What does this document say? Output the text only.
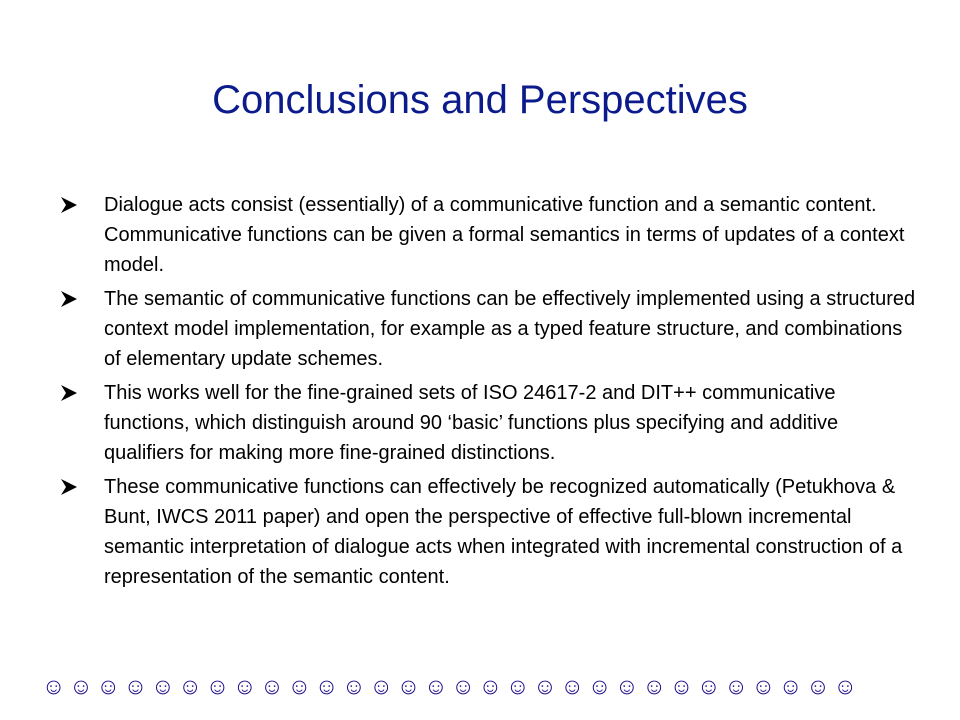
Conclusions and Perspectives
Dialogue acts consist (essentially) of a communicative function and a semantic content. Communicative functions can be given a formal semantics in terms of updates of a context model.
The semantic of communicative functions can be effectively implemented using a structured context model implementation, for example as a typed feature structure, and combinations of elementary update schemes.
This works well for the fine-grained sets of ISO 24617-2 and DIT++ communicative functions, which distinguish around 90 ‘basic’ functions plus specifying and additive qualifiers for making more fine-grained distinctions.
These communicative functions can effectively be recognized automatically (Petukhova & Bunt, IWCS 2011 paper) and open the perspective of effective full-blown incremental semantic interpretation of dialogue acts when integrated with incremental construction of a representation of the semantic content.
☺ ☺ ☺ ☺ ☺ ☺ ☺ ☺ ☺ ☺ ☺ ☺ ☺ ☺ ☺ ☺ ☺ ☺ ☺ ☺ ☺ ☺ ☺ ☺ ☺ ☺ ☺ ☺ ☺ ☺
